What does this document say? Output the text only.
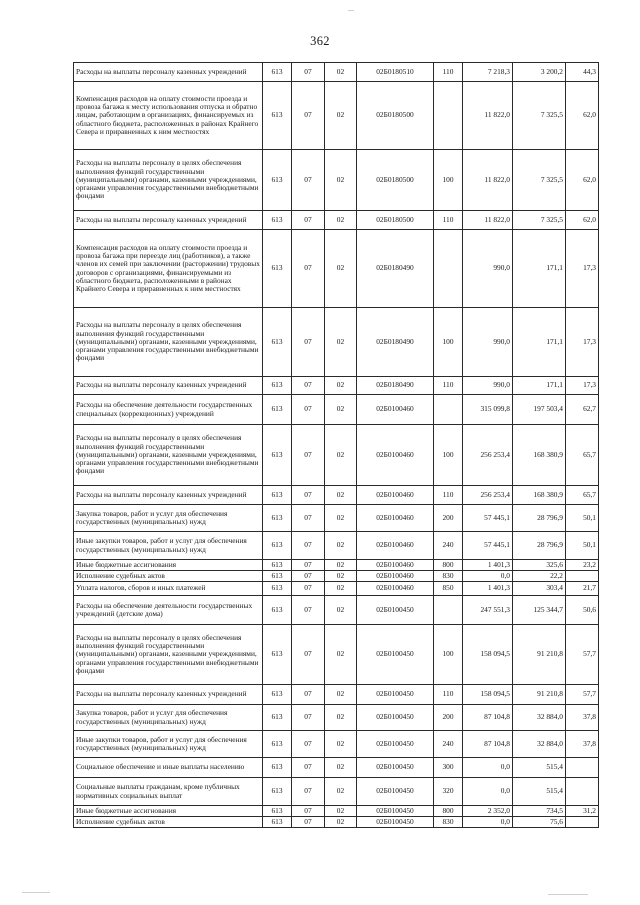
362
Расходы на выплаты персоналу казенных учреждений	613	07	02	02Б0180510	110	7 218,3	3 200,2	44,3
Компенсация расходов на оплату стоимости проезда и провоза багажа к месту использования отпуска и обратно лицам, работающим в организациях, финансируемых из областного бюджета, расположенных в районах Крайнего Севера и приравненных к ним местностях	613	07	02	02Б0180500		11 822,0	7 325,5	62,0
Расходы на выплаты персоналу в целях обеспечения выполнения функций государственными (муниципальными) органами, казенными учреждениями, органами управления государственными внебюджетными фондами	613	07	02	02Б0180500	100	11 822,0	7 325,5	62,0
Расходы на выплаты персоналу казенных учреждений	613	07	02	02Б0180500	110	11 822,0	7 325,5	62,0
Компенсация расходов на оплату стоимости проезда и провоза багажа при переезде лиц (работников), а также членов их семей при заключении (расторжении) трудовых договоров с организациями, финансируемыми из областного бюджета, расположенными в районах Крайнего Севера и приравненных к ним местностях	613	07	02	02Б0180490		990,0	171,1	17,3
Расходы на выплаты персоналу в целях обеспечения выполнения функций государственными (муниципальными) органами, казенными учреждениями, органами управления государственными внебюджетными фондами	613	07	02	02Б0180490	100	990,0	171,1	17,3
Расходы на выплаты персоналу казенных учреждений	613	07	02	02Б0180490	110	990,0	171,1	17,3
Расходы на обеспечение деятельности государственных специальных (коррекционных) учреждений	613	07	02	02Б0100460		315 099,8	197 503,4	62,7
Расходы на выплаты персоналу в целях обеспечения выполнения функций государственными (муниципальными) органами, казенными учреждениями, органами управления государственными внебюджетными фондами	613	07	02	02Б0100460	100	256 253,4	168 380,9	65,7
Расходы на выплаты персоналу казенных учреждений	613	07	02	02Б0100460	110	256 253,4	168 380,9	65,7
Закупка товаров, работ и услуг для обеспечения государственных (муниципальных) нужд	613	07	02	02Б0100460	200	57 445,1	28 796,9	50,1
Иные закупки товаров, работ и услуг для обеспечения государственных (муниципальных) нужд	613	07	02	02Б0100460	240	57 445,1	28 796,9	50,1
Иные бюджетные ассигнования	613	07	02	02Б0100460	800	1 401,3	325,6	23,2
Исполнение судебных актов	613	07	02	02Б0100460	830	0,0	22,2	
Уплата налогов, сборов и иных платежей	613	07	02	02Б0100460	850	1 401,3	303,4	21,7
Расходы на обеспечение деятельности государственных учреждений (детские дома)	613	07	02	02Б0100450		247 551,3	125 344,7	50,6
Расходы на выплаты персоналу в целях обеспечения выполнения функций государственными (муниципальными) органами, казенными учреждениями, органами управления государственными внебюджетными фондами	613	07	02	02Б0100450	100	158 094,5	91 210,8	57,7
Расходы на выплаты персоналу казенных учреждений	613	07	02	02Б0100450	110	158 094,5	91 210,8	57,7
Закупка товаров, работ и услуг для обеспечения государственных (муниципальных) нужд	613	07	02	02Б0100450	200	87 104,8	32 884,0	37,8
Иные закупки товаров, работ и услуг для обеспечения государственных (муниципальных) нужд	613	07	02	02Б0100450	240	87 104,8	32 884,0	37,8
Социальное обеспечение и иные выплаты населению	613	07	02	02Б0100450	300	0,0	515,4	
Социальные выплаты гражданам, кроме публичных нормативных социальных выплат	613	07	02	02Б0100450	320	0,0	515,4	
Иные бюджетные ассигнования	613	07	02	02Б0100450	800	2 352,0	734,5	31,2
Исполнение судебных актов	613	07	02	02Б0100450	830	0,0	75,6	
